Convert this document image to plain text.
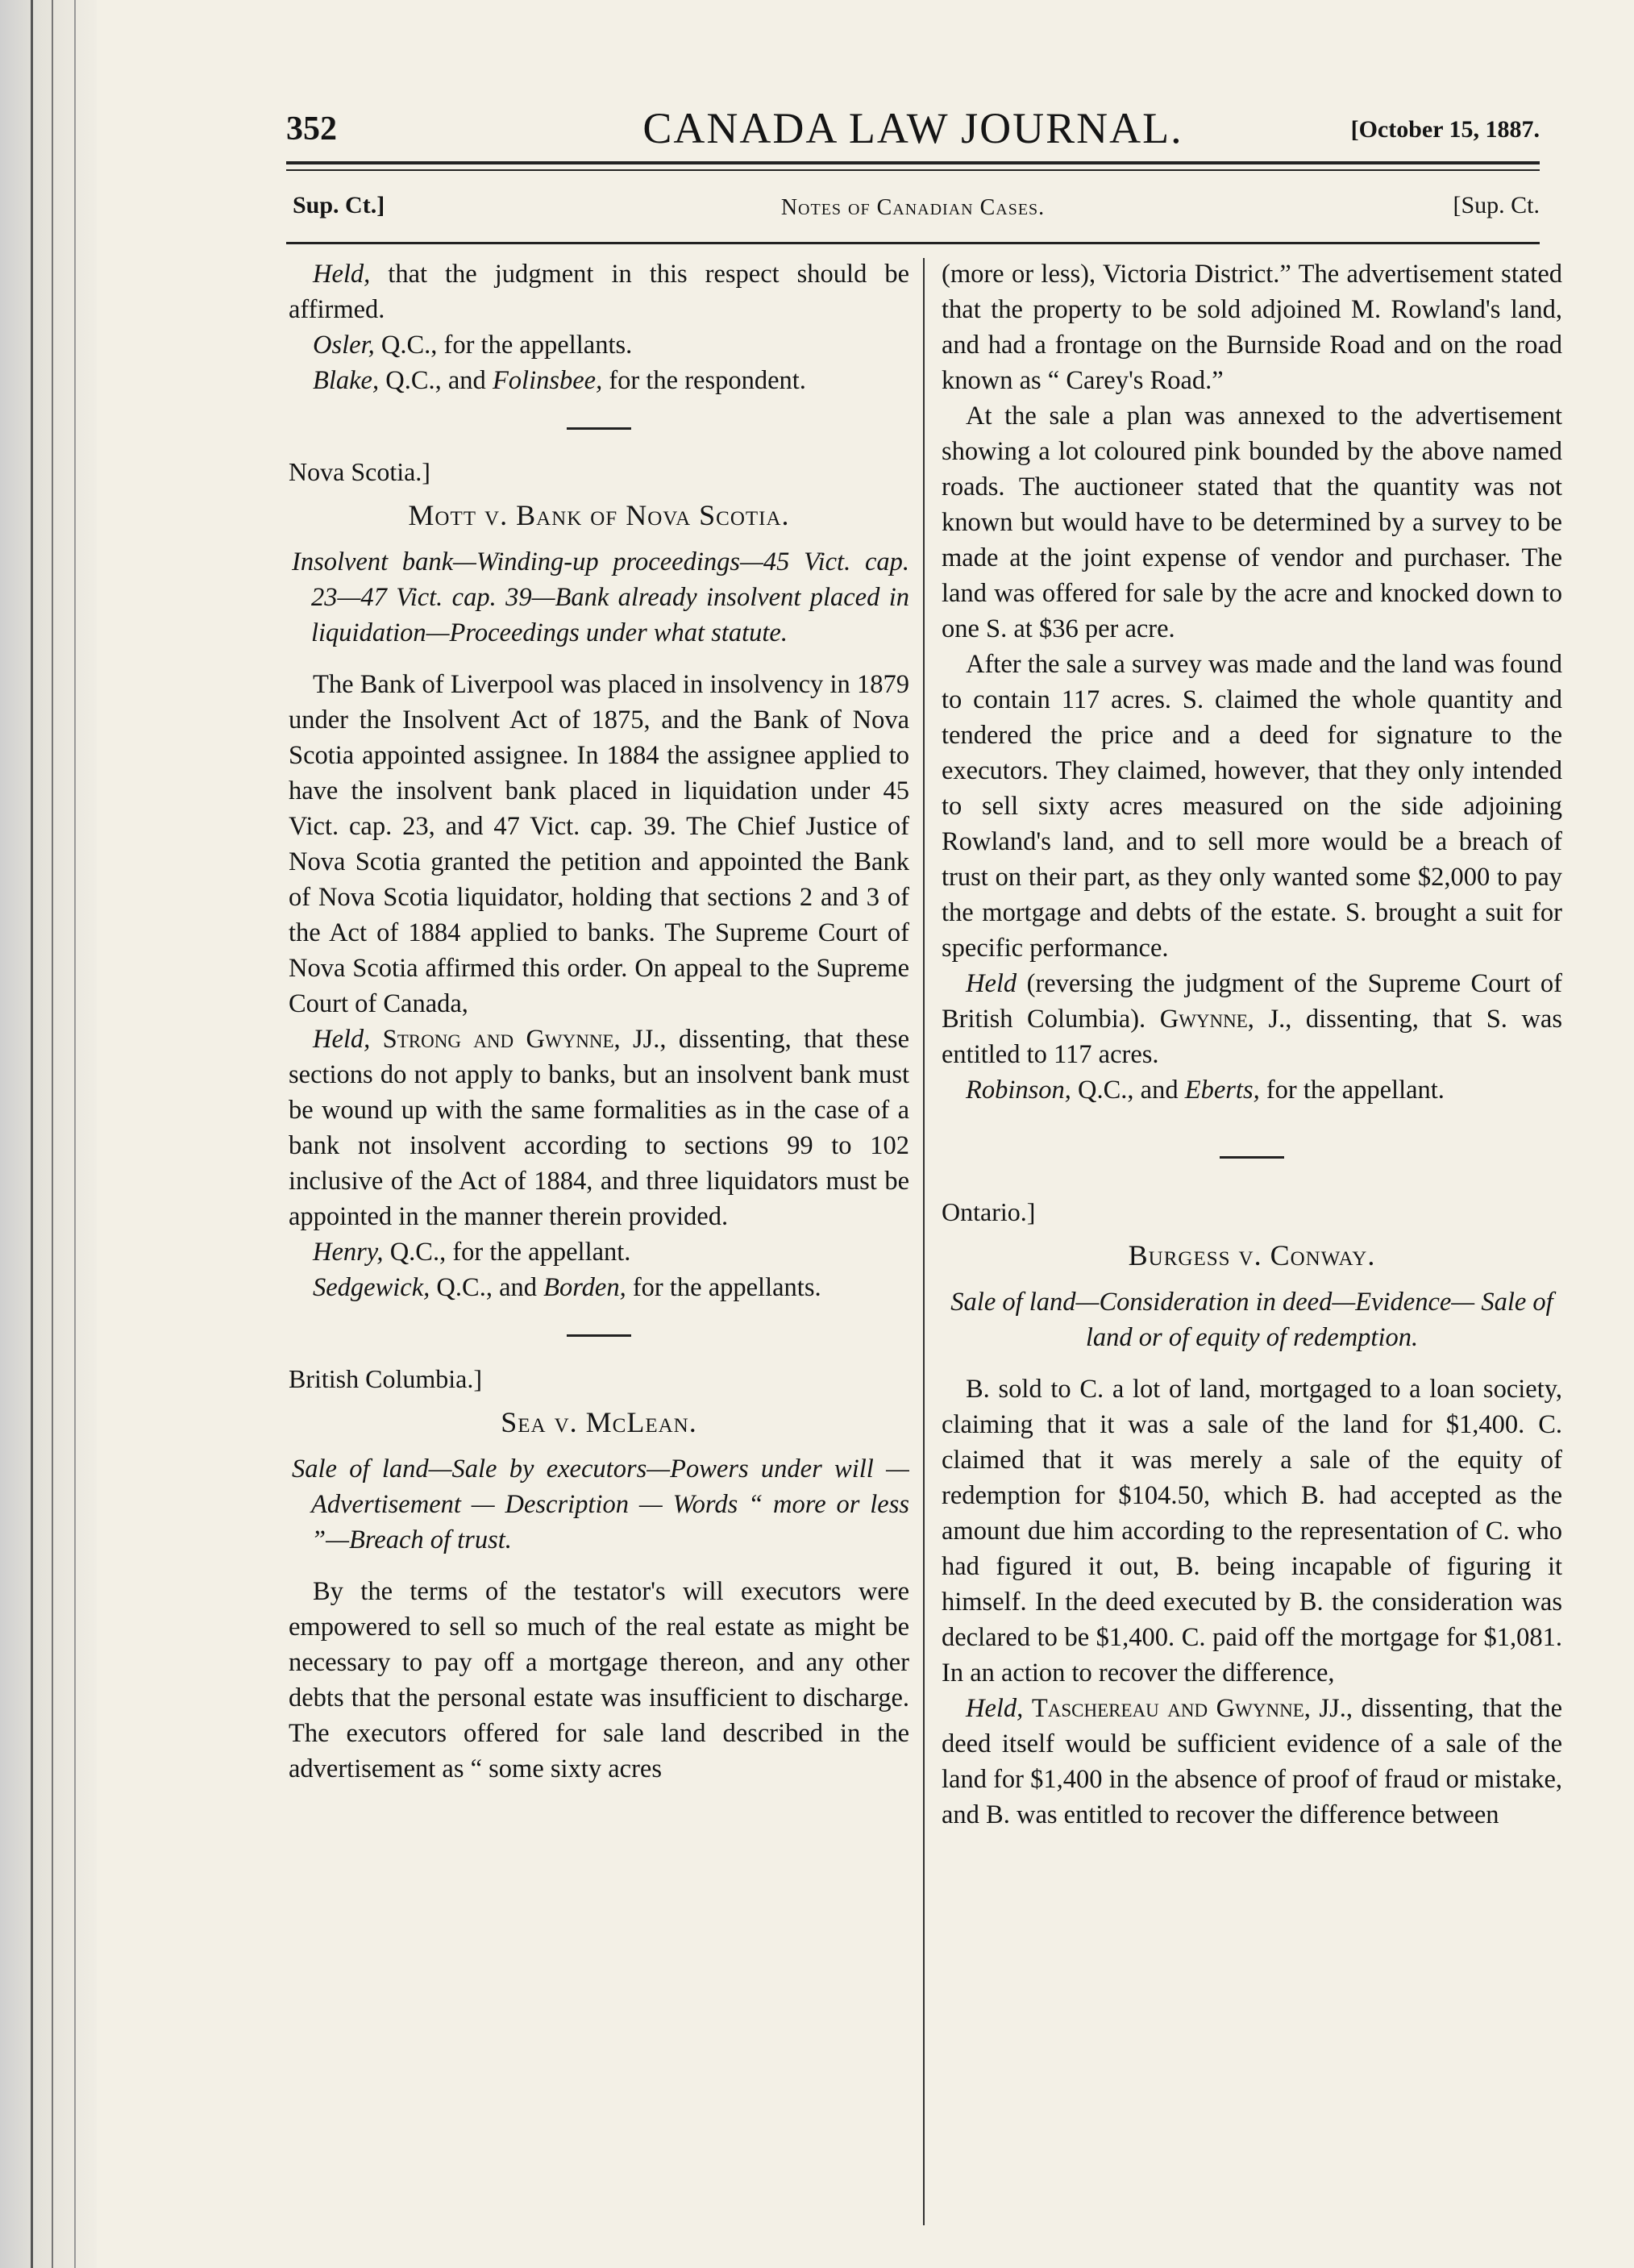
352	CANADA LAW JOURNAL.	[October 15, 1887.
Sup. Ct.]	Notes of Canadian Cases.	[Sup. Ct.

Held, that the judgment in this respect should be affirmed.

Osler, Q.C., for the appellants.

Blake, Q.C., and Folinsbee, for the respondent.

Nova Scotia.]
Mott v. Bank of Nova Scotia.

Insolvent bank—Winding-up proceedings—45 Vict. cap. 23—47 Vict. cap. 39—Bank already insolvent placed in liquidation—Proceedings under what statute.

The Bank of Liverpool was placed in insolvency in 1879 under the Insolvent Act of 1875, and the Bank of Nova Scotia appointed assignee. In 1884 the assignee applied to have the insolvent bank placed in liquidation under 45 Vict. cap. 23, and 47 Vict. cap. 39. The Chief Justice of Nova Scotia granted the petition and appointed the Bank of Nova Scotia liquidator, holding that sections 2 and 3 of the Act of 1884 applied to banks. The Supreme Court of Nova Scotia affirmed this order. On appeal to the Supreme Court of Canada,

Held, Strong and Gwynne, JJ., dissenting, that these sections do not apply to banks, but an insolvent bank must be wound up with the same formalities as in the case of a bank not insolvent according to sections 99 to 102 inclusive of the Act of 1884, and three liquidators must be appointed in the manner therein provided.

Henry, Q.C., for the appellant.

Sedgewick, Q.C., and Borden, for the appellants.

British Columbia.]
Sea v. McLean.

Sale of land—Sale by executors—Powers under will — Advertisement — Description — Words “ more or less ”—Breach of trust.

By the terms of the testator's will executors were empowered to sell so much of the real estate as might be necessary to pay off a mortgage thereon, and any other debts that the personal estate was insufficient to discharge. The executors offered for sale land described in the advertisement as “ some sixty acres

(more or less), Victoria District.” The advertisement stated that the property to be sold adjoined M. Rowland's land, and had a frontage on the Burnside Road and on the road known as “ Carey's Road.”

At the sale a plan was annexed to the advertisement showing a lot coloured pink bounded by the above named roads. The auctioneer stated that the quantity was not known but would have to be determined by a survey to be made at the joint expense of vendor and purchaser. The land was offered for sale by the acre and knocked down to one S. at $36 per acre.

After the sale a survey was made and the land was found to contain 117 acres. S. claimed the whole quantity and tendered the price and a deed for signature to the executors. They claimed, however, that they only intended to sell sixty acres measured on the side adjoining Rowland's land, and to sell more would be a breach of trust on their part, as they only wanted some $2,000 to pay the mortgage and debts of the estate. S. brought a suit for specific performance.

Held (reversing the judgment of the Supreme Court of British Columbia). Gwynne, J., dissenting, that S. was entitled to 117 acres.

Robinson, Q.C., and Eberts, for the appellant.

Ontario.]
Burgess v. Conway.

Sale of land—Consideration in deed—Evidence— Sale of land or of equity of redemption.

B. sold to C. a lot of land, mortgaged to a loan society, claiming that it was a sale of the land for $1,400. C. claimed that it was merely a sale of the equity of redemption for $104.50, which B. had accepted as the amount due him according to the representation of C. who had figured it out, B. being incapable of figuring it himself. In the deed executed by B. the consideration was declared to be $1,400. C. paid off the mortgage for $1,081. In an action to recover the difference,

Held, Taschereau and Gwynne, JJ., dissenting, that the deed itself would be sufficient evidence of a sale of the land for $1,400 in the absence of proof of fraud or mistake, and B. was entitled to recover the difference between
